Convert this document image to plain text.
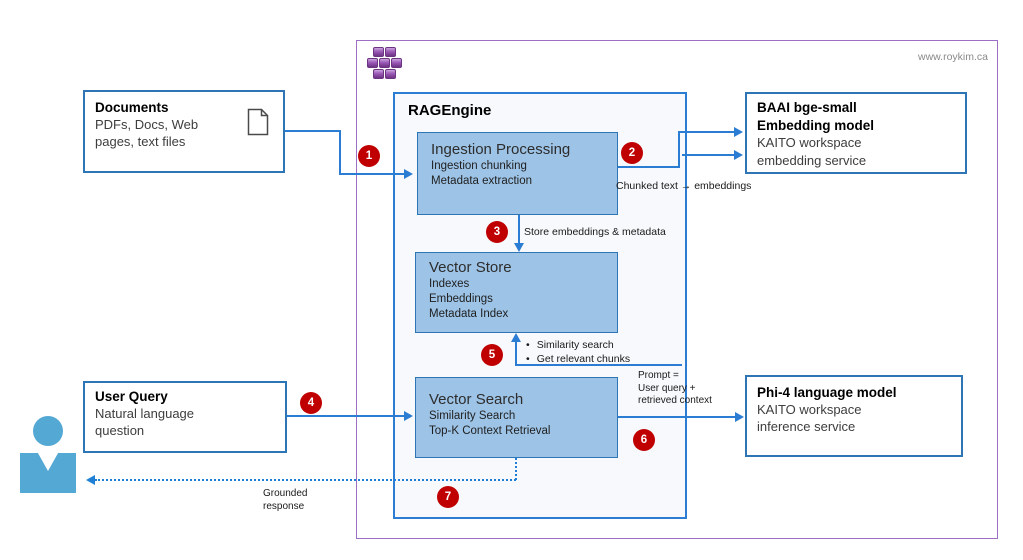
www.roykim.ca
RAGEngine
Ingestion Processing
Ingestion chunking
Metadata extraction
Vector Store
Indexes
Embeddings
Metadata Index
Vector Search
Similarity Search
Top-K Context Retrieval
Documents
PDFs, Docs, Web
pages, text files
User Query
Natural language
question
BAAI bge-small
Embedding model
KAITO workspace
embedding service
Phi-4 language model
KAITO workspace
inference service
1	2
3
4
5
6
7
Chunked text → embeddings
Store embeddings & metadata
• Similarity search
• Get relevant chunks
Prompt =
User query +
retrieved context
Grounded
response
